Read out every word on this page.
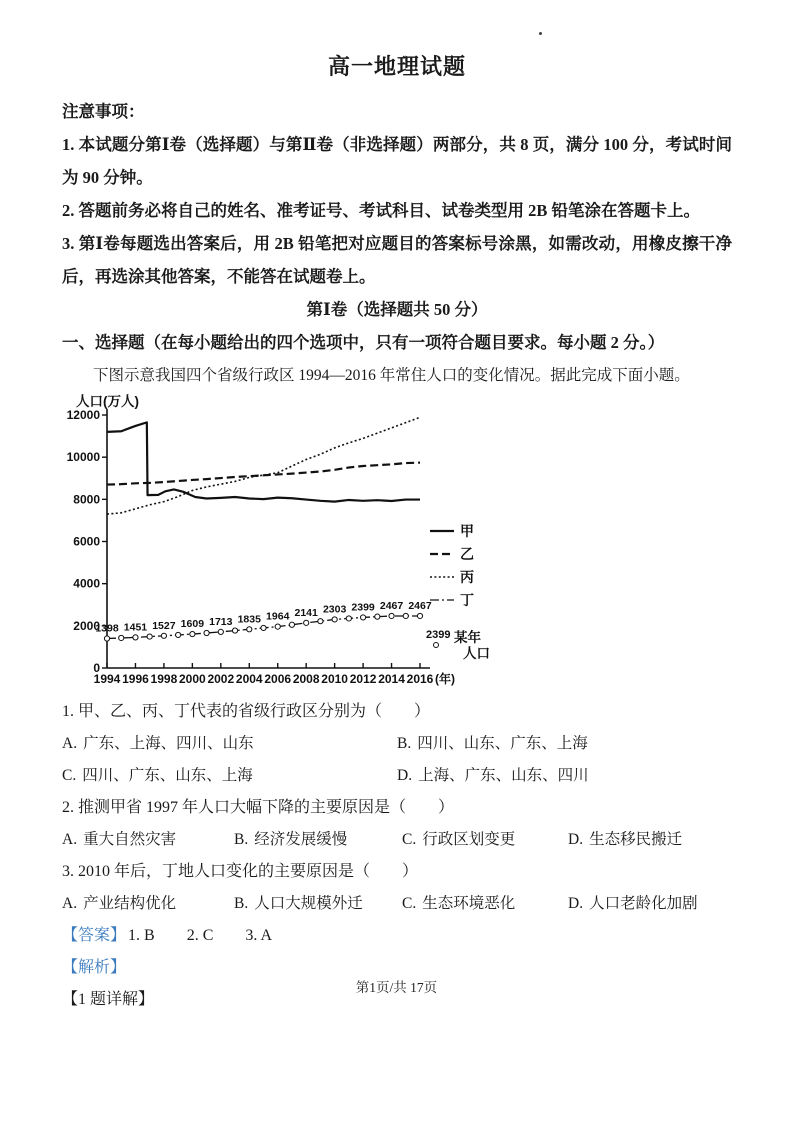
高一地理试题

注意事项：

1. 本试题分第Ⅰ卷（选择题）与第Ⅱ卷（非选择题）两部分，共 8 页，满分 100 分，考试时间为 90 分钟。

2. 答题前务必将自己的姓名、准考证号、考试科目、试卷类型用 2B 铅笔涂在答题卡上。

3. 第Ⅰ卷每题选出答案后，用 2B 铅笔把对应题目的答案标号涂黑，如需改动，用橡皮擦干净后，再选涂其他答案，不能答在试题卷上。

第Ⅰ卷（选择题共 50 分）

一、选择题（在每小题给出的四个选项中，只有一项符合题目要求。每小题 2 分。）

下图示意我国四个省级行政区 1994—2016 年常住人口的变化情况。据此完成下面小题。

人口(万人)
0
2000
4000
6000
8000
10000
12000
1994 1996 1998 2000 2002 2004 2006 2008 2010 2012 2014 2016 (年)
1398 1451 1527 1609 1713 1835 1964 2141 2303 2399 2467 2467
甲
乙
丙
丁
2399 某年
人口

1. 甲、乙、丙、丁代表的省级行政区分别为（　　）

A. 广东、上海、四川、山东	B. 四川、山东、广东、上海
C. 四川、广东、山东、上海	D. 上海、广东、山东、四川

2. 推测甲省 1997 年人口大幅下降的主要原因是（　　）

A. 重大自然灾害	B. 经济发展缓慢	C. 行政区划变更	D. 生态移民搬迁

3. 2010 年后，丁地人口变化的主要原因是（　　）

A. 产业结构优化	B. 人口大规模外迁	C. 生态环境恶化	D. 人口老龄化加剧
【答案】 1. B　　2. C　　3. A

【解析】

【1 题详解】

第1页/共 17页
